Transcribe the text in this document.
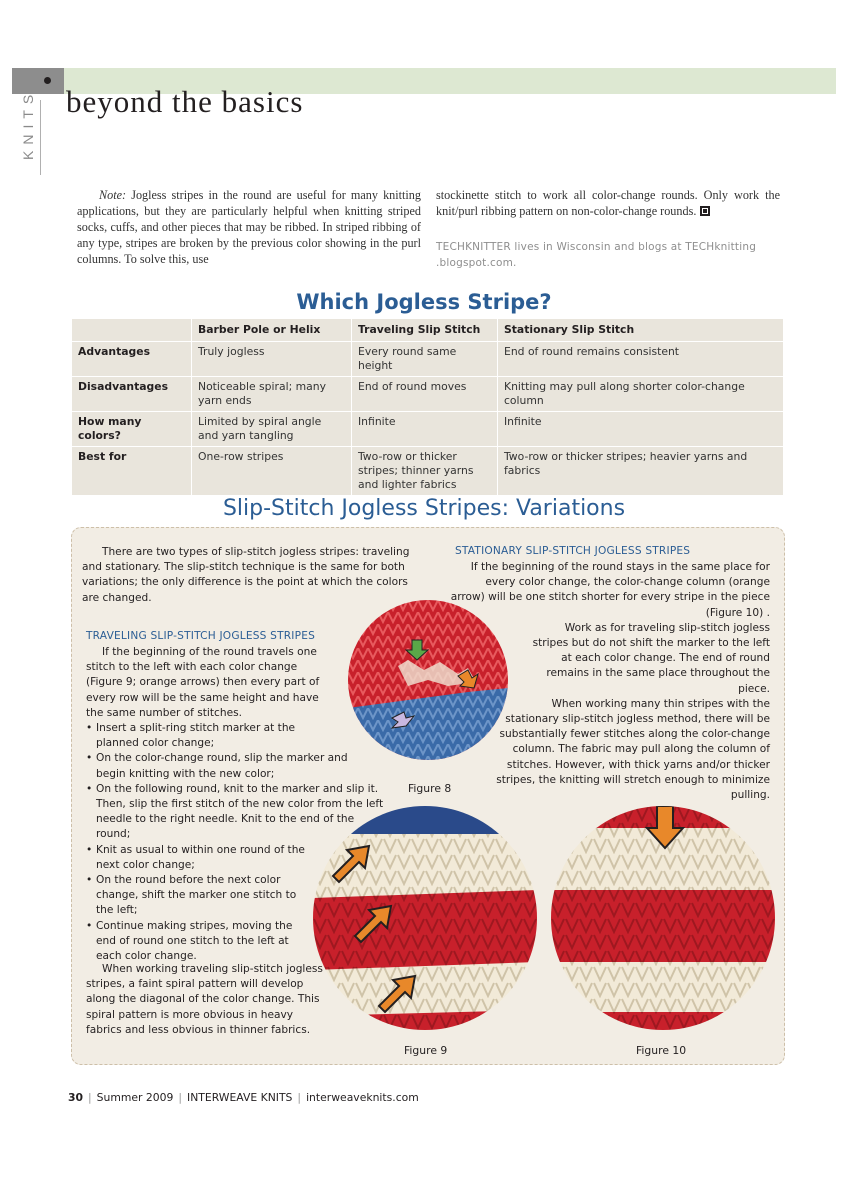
beyond the basics
KNITS
Note: Jogless stripes in the round are useful for many knitting applications, but they are particularly helpful when knitting striped socks, cuffs, and other pieces that may be ribbed. In striped ribbing of any type, stripes are broken by the previous color showing in the purl columns. To solve this, use
stockinette stitch to work all color-change rounds. Only work the knit/purl ribbing pattern on non-color-change rounds.
TECHKNITTER lives in Wisconsin and blogs at TECHknitting .blogspot.com.
Which Jogless Stripe?
	Barber Pole or Helix	Traveling Slip Stitch	Stationary Slip Stitch
Advantages	Truly jogless	Every round same height	End of round remains consistent
Disadvantages	Noticeable spiral; many yarn ends	End of round moves	Knitting may pull along shorter color-change column
How many colors?	Limited by spiral angle and yarn tangling	Infinite	Infinite
Best for	One-row stripes	Two-row or thicker stripes; thinner yarns and lighter fabrics	Two-row or thicker stripes; heavier yarns and fabrics
Slip-Stitch Jogless Stripes: Variations
There are two types of slip-stitch jogless stripes: traveling and stationary. The slip-stitch technique is the same for both variations; the only difference is the point at which the colors are changed.
TRAVELING SLIP-STITCH JOGLESS STRIPES
If the beginning of the round travels one stitch to the left with each color change (Figure 9; orange arrows) then every part of every row will be the same height and have the same number of stitches.
• Insert a split-ring stitch marker at the planned color change;
• On the color-change round, slip the marker and begin knitting with the new color;
• On the following round, knit to the marker and slip it. Then, slip the first stitch of the new color from the left needle to the right needle. Knit to the end of the round;
• Knit as usual to within one round of the next color change;
• On the round before the next color change, shift the marker one stitch to the left;
• Continue making stripes, moving the end of round one stitch to the left at each color change.
When working traveling slip-stitch jogless stripes, a faint spiral pattern will develop along the diagonal of the color change. This spiral pattern is more obvious in heavy fabrics and less obvious in thinner fabrics.
STATIONARY SLIP-STITCH JOGLESS STRIPES

If the beginning of the round stays in the same place for every color change, the color-change column (orange arrow) will be one stitch shorter for every stripe in the piece (Figure 10) .

Work as for traveling slip-stitch jogless stripes but do not shift the marker to the left at each color change. The end of round remains in the same place throughout the piece.

When working many thin stripes with the stationary slip-stitch jogless method, there will be substantially fewer stitches along the color-change column. The fabric may pull along the column of stitches. However, with thick yarns and/or thicker stripes, the knitting will stretch enough to minimize pulling.

Figure 8
Figure 9	Figure 10
30 | Summer 2009 | INTERWEAVE KNITS | interweaveknits.com
